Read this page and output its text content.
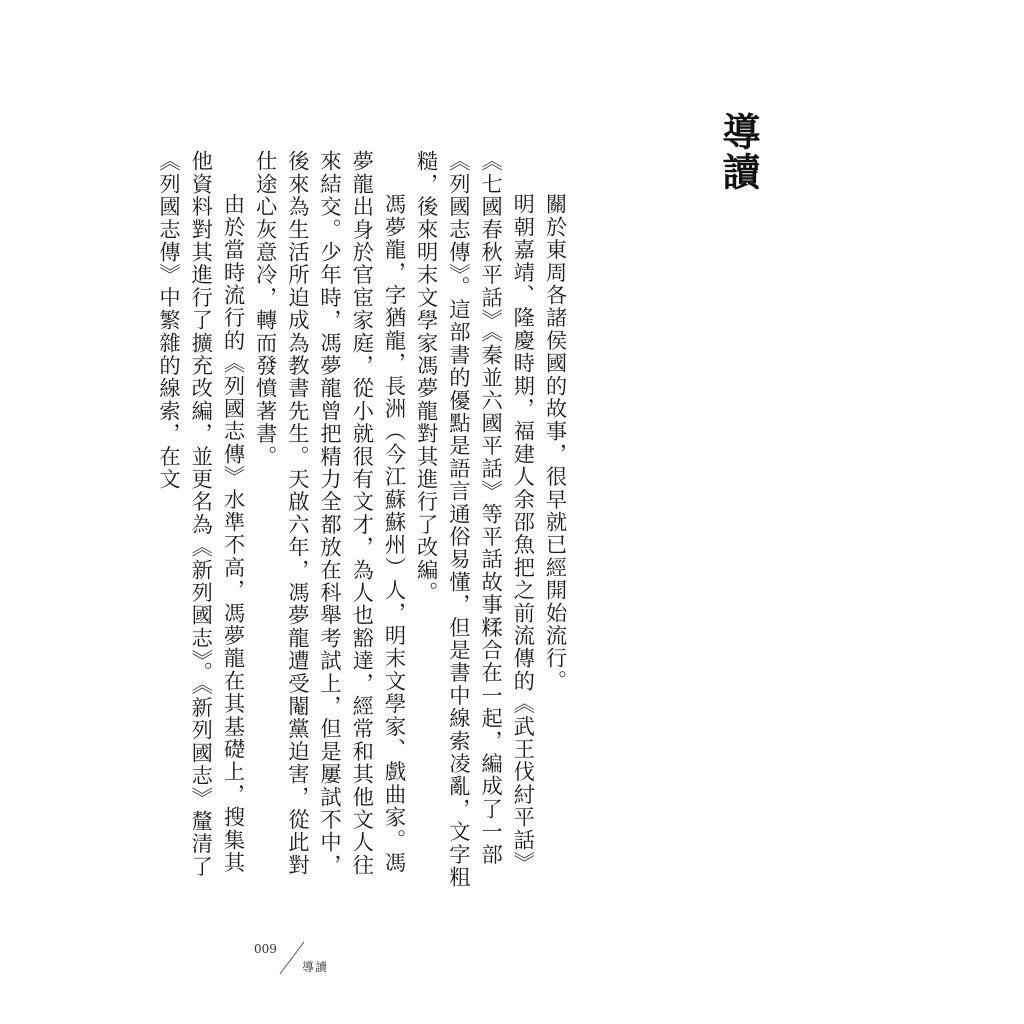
導讀

關於東周各諸侯國的故事，很早就已經開始流行。

明朝嘉靖、隆慶時期，福建人余邵魚把之前流傳的《武王伐紂平話》《七國春秋平話》《秦並六國平話》等平話故事糅合在一起，編成了一部《列國志傳》。這部書的優點是語言通俗易懂，但是書中線索凌亂，文字粗糙，後來明末文學家馮夢龍對其進行了改編。

馮夢龍，字猶龍，長洲（今江蘇蘇州）人，明末文學家、戲曲家。馮夢龍出身於官宦家庭，從小就很有文才，為人也豁達，經常和其他文人往來結交。少年時，馮夢龍曾把精力全都放在科舉考試上，但是屢試不中，後來為生活所迫成為教書先生。天啟六年，馮夢龍遭受閹黨迫害，從此對仕途心灰意冷，轉而發憤著書。

由於當時流行的《列國志傳》水準不高，馮夢龍在其基礎上，搜集其他資料對其進行了擴充改編，並更名為《新列國志》。《新列國志》釐清了《列國志傳》中繁雜的線索，在文

009
導讀
